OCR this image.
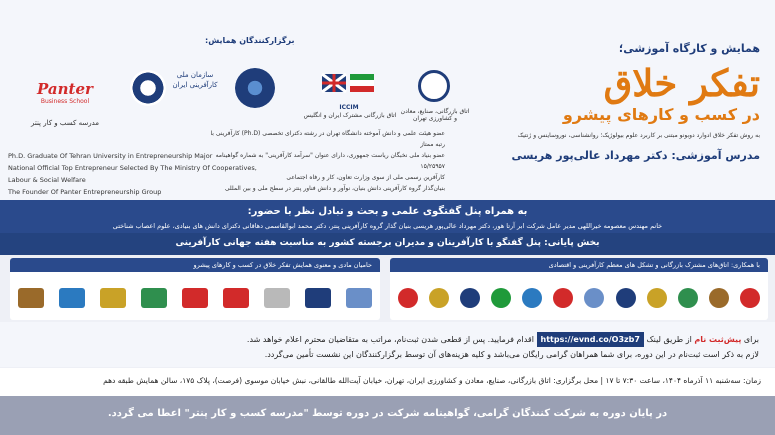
برگزارکنندگان همایش:
Panter
Business School
مدرسه کسب و کار پنتر
سازمان ملی کارآفرینی ایران
ICCIM
اتاق بازرگانی مشترک ایران و انگلیس
اتاق بازرگانی، صنایع، معادن و کشاورزی تهران
همایش و کارگاه آموزشی؛
تفکر خلاق
در کسب و کارهای پیشرو
به روش تفکر خلاق ادوارد دوبونو مبتنی بر کاربرد علوم بیولوژیک؛ روانشناسی، نوروساینس و ژنتیک
مدرس آموزشی: دکتر مهرداد عالی‌پور هریسی
عضو هیئت علمی و دانش آموخته دانشگاه تهران در رشته دکترای تخصصی (Ph.D) کارآفرینی با رتبه ممتاز
عضو بنیاد ملی نخبگان ریاست جمهوری، دارای عنوان "سرآمد کارآفرینی" به شماره گواهینامه ۱۵/۲۵۹۵۷
کارآفرین رسمی ملی از سوی وزارت تعاون، کار و رفاه اجتماعی
بنیان‌گذار گروه کارآفرینی دانش بنیان، نوآور و دانش فناور پنتر در سطح ملی و بین المللی
Ph.D. Graduate Of Tehran University in Entrepreneurship Major
National Official Top Entrepreneur Selected By The Ministry Of Cooperatives, Labour & Social Welfare
The Founder Of Panter Entrepreneurship Group
به همراه پنل گفتگوی علمی و بحث و تبادل نظر با حضور:
خانم مهندس معصومه خیراللهی مدیر عامل شرکت ابر آرتا هور، دکتر مهرداد عالی‌پور هریسی بنیان گذار گروه کارآفرینی پنتر، دکتر محمد ابوالقاسمی دهاقانی دکترای دانش های بنیادی، علوم اعصاب شناختی
بخش پایانی: پنل گفتگو با کارآفرینان و مدیران برجسته کشور به مناسبت هفته جهانی کارآفرینی
حامیان مادی و معنوی همایش تفکر خلاق در کسب و کارهای پیشرو	با همکاری: اتاق‌های مشترک بازرگانی و تشکل های معظم کارآفرینی و اقتصادی
برای پیش‌ثبت نام از طریق لینک https://evnd.co/O3zb7 اقدام فرمایید. پس از قطعی شدن ثبت‌نام، مراتب به متقاضیان محترم اعلام خواهد شد.
لازم به ذکر است ثبت‌نام در این دوره، برای شما همراهان گرامی رایگان می‌باشد و کلیه هزینه‌های آن توسط برگزارکنندگان این نشست تأمین می‌گردد.
زمان: سه‌شنبه ۱۱ آذرماه ۱۴۰۴، ساعت ۷:۳۰ تا ۱۷ | محل برگزاری: اتاق بازرگانی، صنایع، معادن و کشاورزی ایران، تهران، خیابان آیت‌الله طالقانی، نبش خیابان موسوی (فرصت)، پلاک ۱۷۵، سالن همایش طبقه دهم
در پایان دوره به شرکت کنندگان گرامی، گواهینامه شرکت در دوره توسط "مدرسه کسب و کار پنتر" اعطا می گردد.
